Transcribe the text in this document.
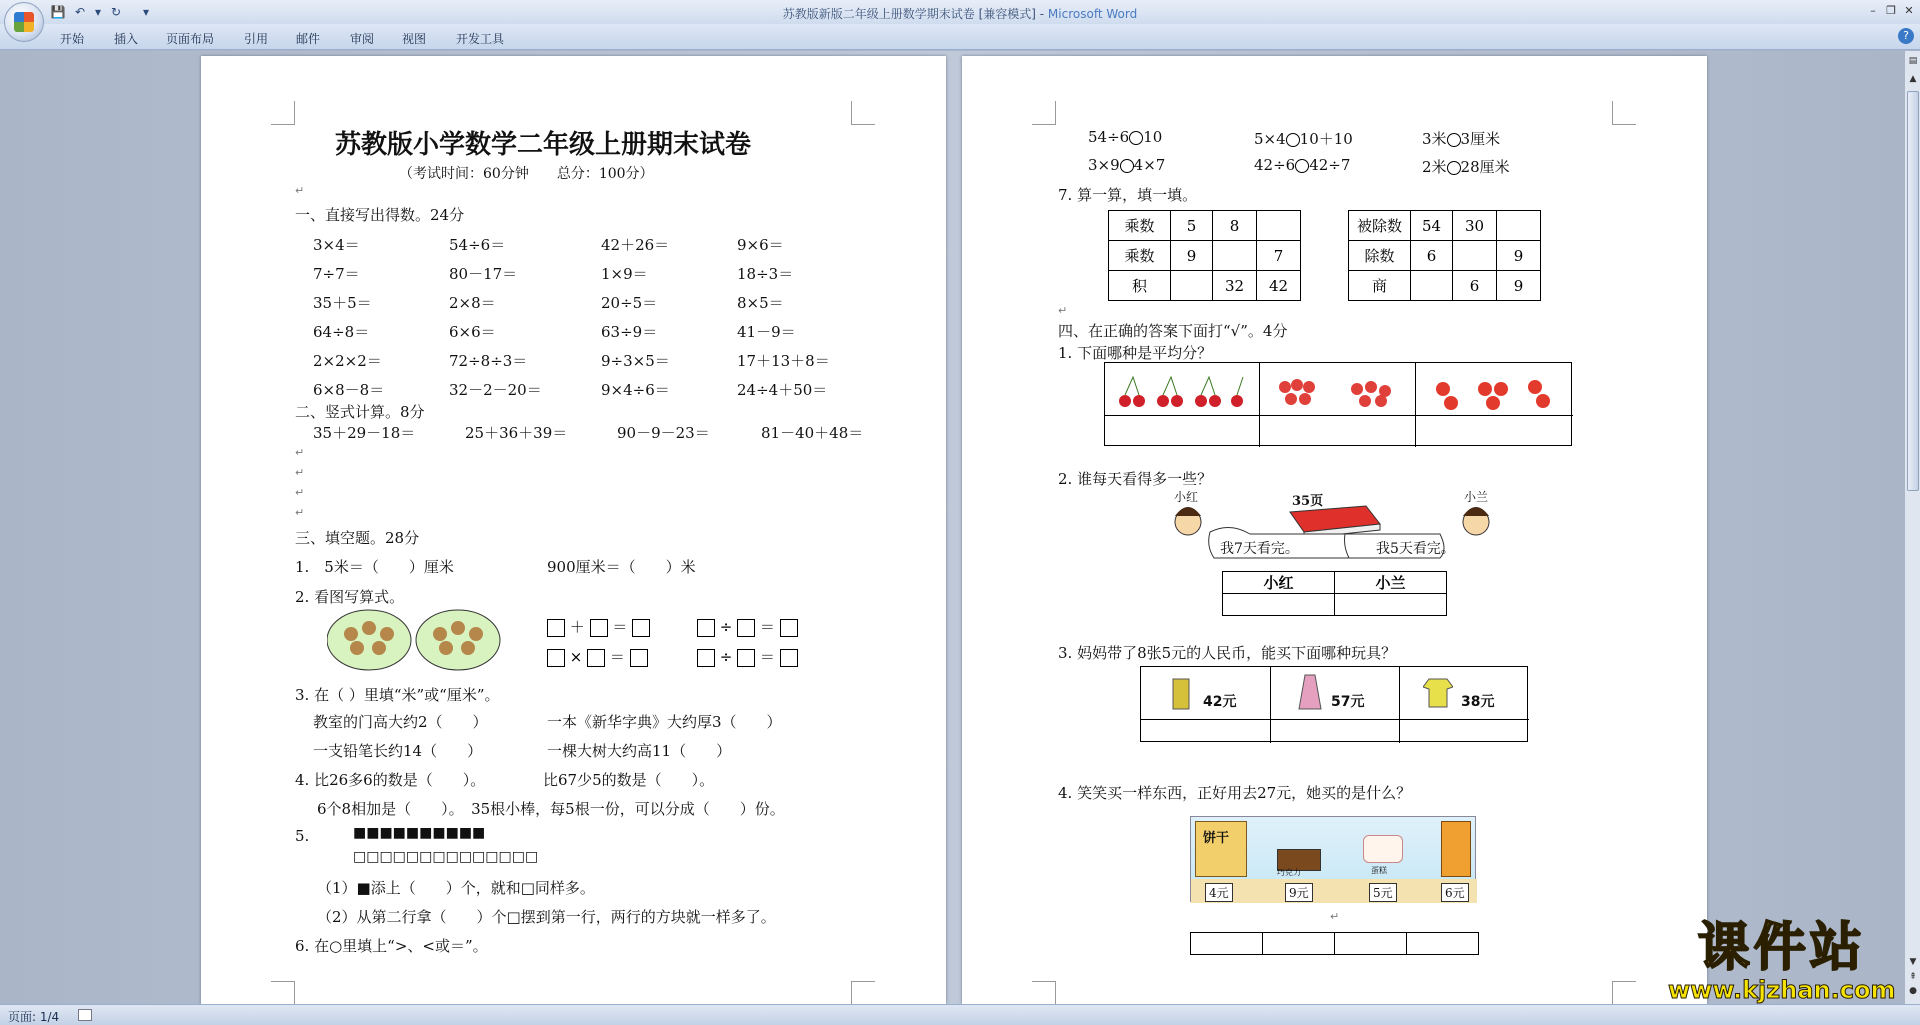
💾 ↶ ▾ ↻	▾	苏教版新版二年级上册数学期末试卷 [兼容模式] - Microsoft Word	– ❐ ✕
开始 插入 页面布局 引用 邮件 审阅 视图 开发工具	?
苏教版小学数学二年级上册期末试卷
（考试时间：60分钟　　总分：100分）
↵
一、直接写出得数。24分
3×4＝	54÷6＝	42＋26＝	9×6＝
7÷7＝	80－17＝	1×9＝	18÷3＝
35＋5＝	2×8＝	20÷5＝	8×5＝
64÷8＝	6×6＝	63÷9＝	41－9＝
2×2×2＝	72÷8÷3＝	9÷3×5＝	17＋13＋8＝
6×8－8＝	32－2－20＝	9×4÷6＝	24÷4＋50＝
二、竖式计算。8分
35＋29－18＝	25＋36＋39＝	90－9－23＝	81－40＋48＝
↵
↵
↵
↵
三、填空题。28分
1.　5米＝（　　）厘米	900厘米＝（　　）米
2. 看图写算式。
＋  ＝	÷  ＝
×  ＝	÷  ＝
3. 在（ ）里填“米”或“厘米”。
教室的门高大约2（　　）	一本《新华字典》大约厚3（　　）
一支铅笔长约14（　　）	一棵大树大约高11（　　）
4. 比26多6的数是（　　）。	比67少5的数是（　　）。
6个8相加是（　　）。　35根小棒，每5根一份，可以分成（　　）份。
5.	■■■■■■■■■■
□□□□□□□□□□□□□□
（1）■添上（　　）个，就和□同样多。
（2）从第二行拿（　　）个□摆到第一行，两行的方块就一样多了。
6. 在○里填上“>、<或＝”。
54÷6 10	5×4 10＋10	3米 3厘米
3×9 4×7	42÷6 42÷7	2米 28厘米
7. 算一算，填一填。
乘数	5	8	
乘数	9		7
积		32	42
被除数	54	30	
除数	6		9
商		6	9
↵
四、在正确的答案下面打“√”。4分
1. 下面哪种是平均分？
2. 谁每天看得多一些？
小红	小兰
35页
我7天看完。	我5天看完。
小红	小兰

3. 妈妈带了8张5元的人民币，能买下面哪种玩具？
42元	57元	38元
4. 笑笑买一样东西，正好用去27元，她买的是什么？
饼干
巧克力	蛋糕
4元	9元	5元	6元
↵

▤
▲
▼
⇞
●
页面: 1/4
课件站
www.kjzhan.com
